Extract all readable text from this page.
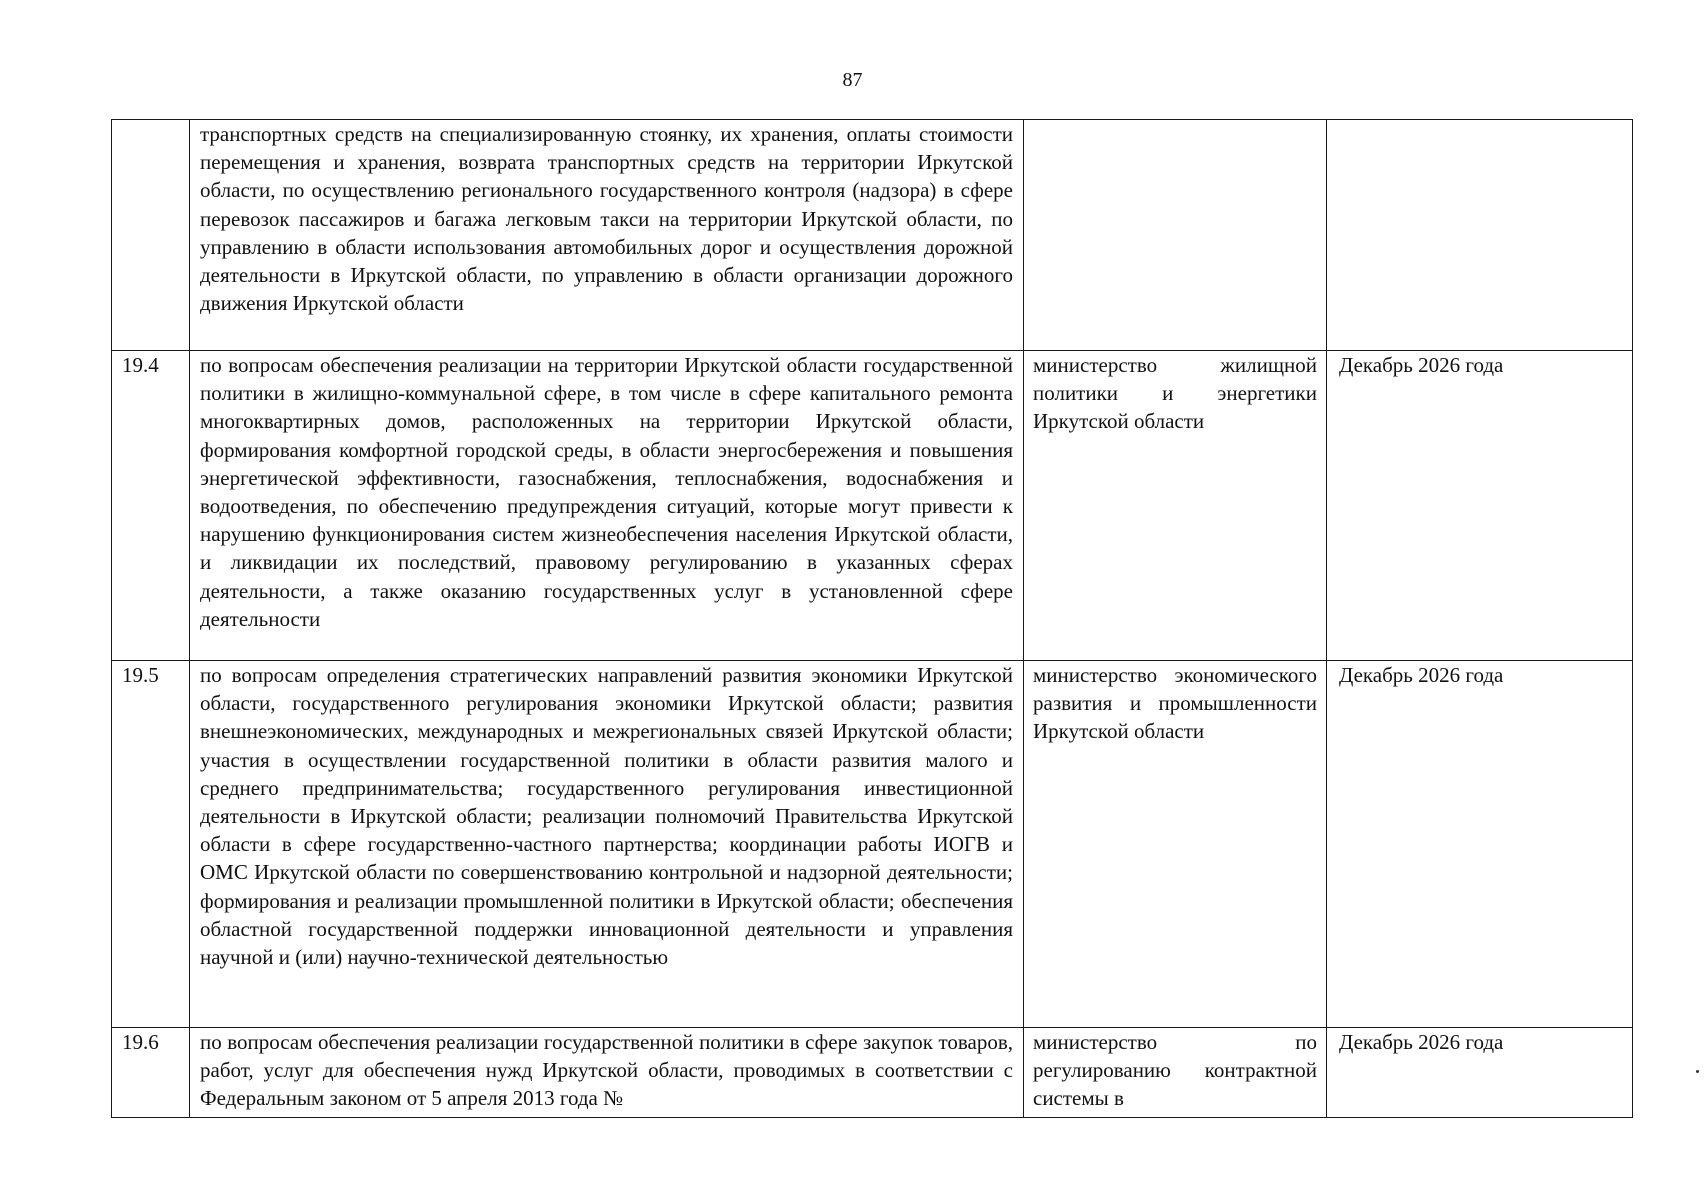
87
	транспортных средств на специализированную стоянку, их хранения, оплаты стоимости перемещения и хранения, возврата транспортных средств на территории Иркутской области, по осуществлению регионального государственного контроля (надзора) в сфере перевозок пассажиров и багажа легковым такси на территории Иркутской области, по управлению в области использования автомобильных дорог и осуществления дорожной деятельности в Иркутской области, по управлению в области организации дорожного движения Иркутской области		
19.4	по вопросам обеспечения реализации на территории Иркутской области государственной политики в жилищно-коммунальной сфере, в том числе в сфере капитального ремонта многоквартирных домов, расположенных на территории Иркутской области, формирования комфортной городской среды, в области энергосбережения и повышения энергетической эффективности, газоснабжения, теплоснабжения, водоснабжения и водоотведения, по обеспечению предупреждения ситуаций, которые могут привести к нарушению функционирования систем жизнеобеспечения населения Иркутской области, и ликвидации их последствий, правовому регулированию в указанных сферах деятельности, а также оказанию государственных услуг в установленной сфере деятельности	министерство жилищной политики и энергетики Иркутской области	Декабрь 2026 года
19.5	по вопросам определения стратегических направлений развития экономики Иркутской области, государственного регулирования экономики Иркутской области; развития внешнеэкономических, международных и межрегиональных связей Иркутской области; участия в осуществлении государственной политики в области развития малого и среднего предпринимательства; государственного регулирования инвестиционной деятельности в Иркутской области; реализации полномочий Правительства Иркутской области в сфере государственно-частного партнерства; координации работы ИОГВ и ОМС Иркутской области по совершенствованию контрольной и надзорной деятельности; формирования и реализации промышленной политики в Иркутской области; обеспечения областной государственной поддержки инновационной деятельности и управления научной и (или) научно-технической деятельностью	министерство экономического развития и промышленности Иркутской области	Декабрь 2026 года
19.6	по вопросам обеспечения реализации государственной политики в сфере закупок товаров, работ, услуг для обеспечения нужд Иркутской области, проводимых в соответствии с Федеральным законом от 5 апреля 2013 года №	министерство по регулированию контрактной системы в	Декабрь 2026 года
